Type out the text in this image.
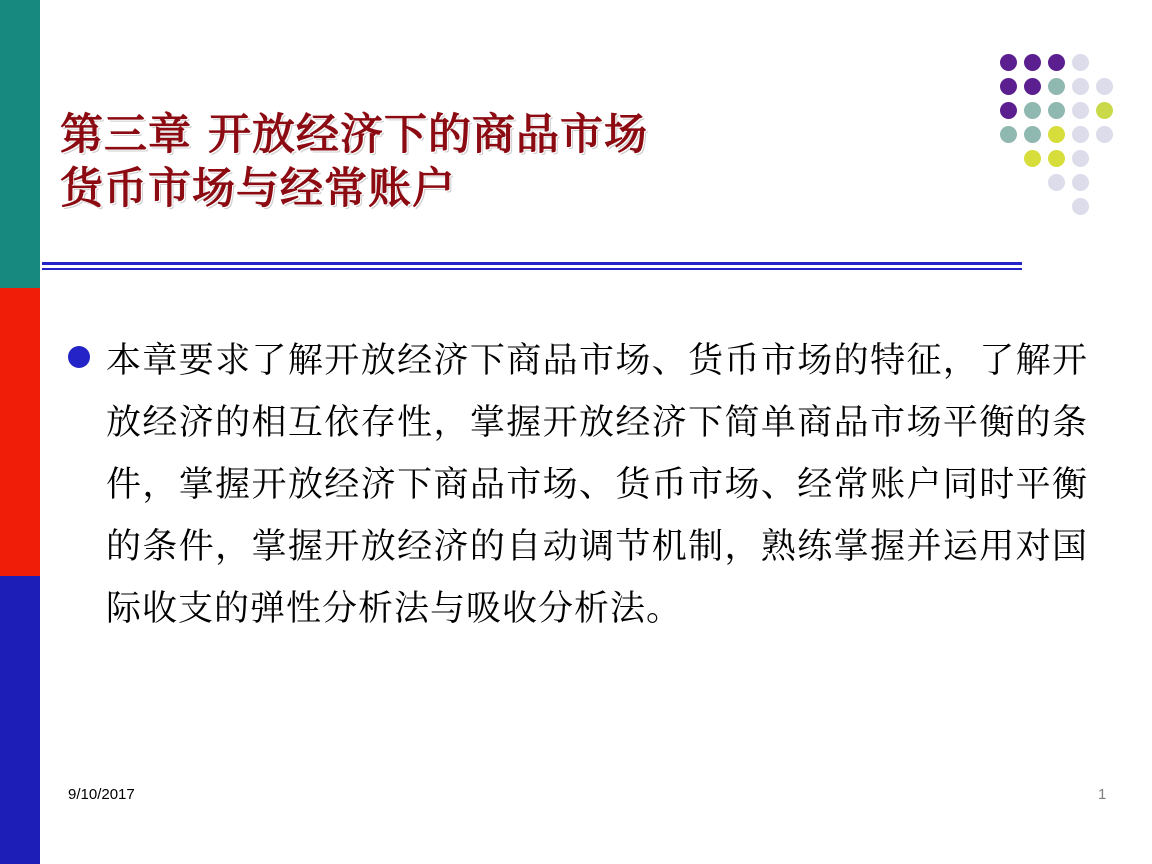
第三章 开放经济下的商品市场
货币市场与经常账户
本章要求了解开放经济下商品市场、货币市场的特征，了解开放经济的相互依存性，掌握开放经济下简单商品市场平衡的条件，掌握开放经济下商品市场、货币市场、经常账户同时平衡的条件，掌握开放经济的自动调节机制，熟练掌握并运用对国际收支的弹性分析法与吸收分析法。
9/10/2017	1
